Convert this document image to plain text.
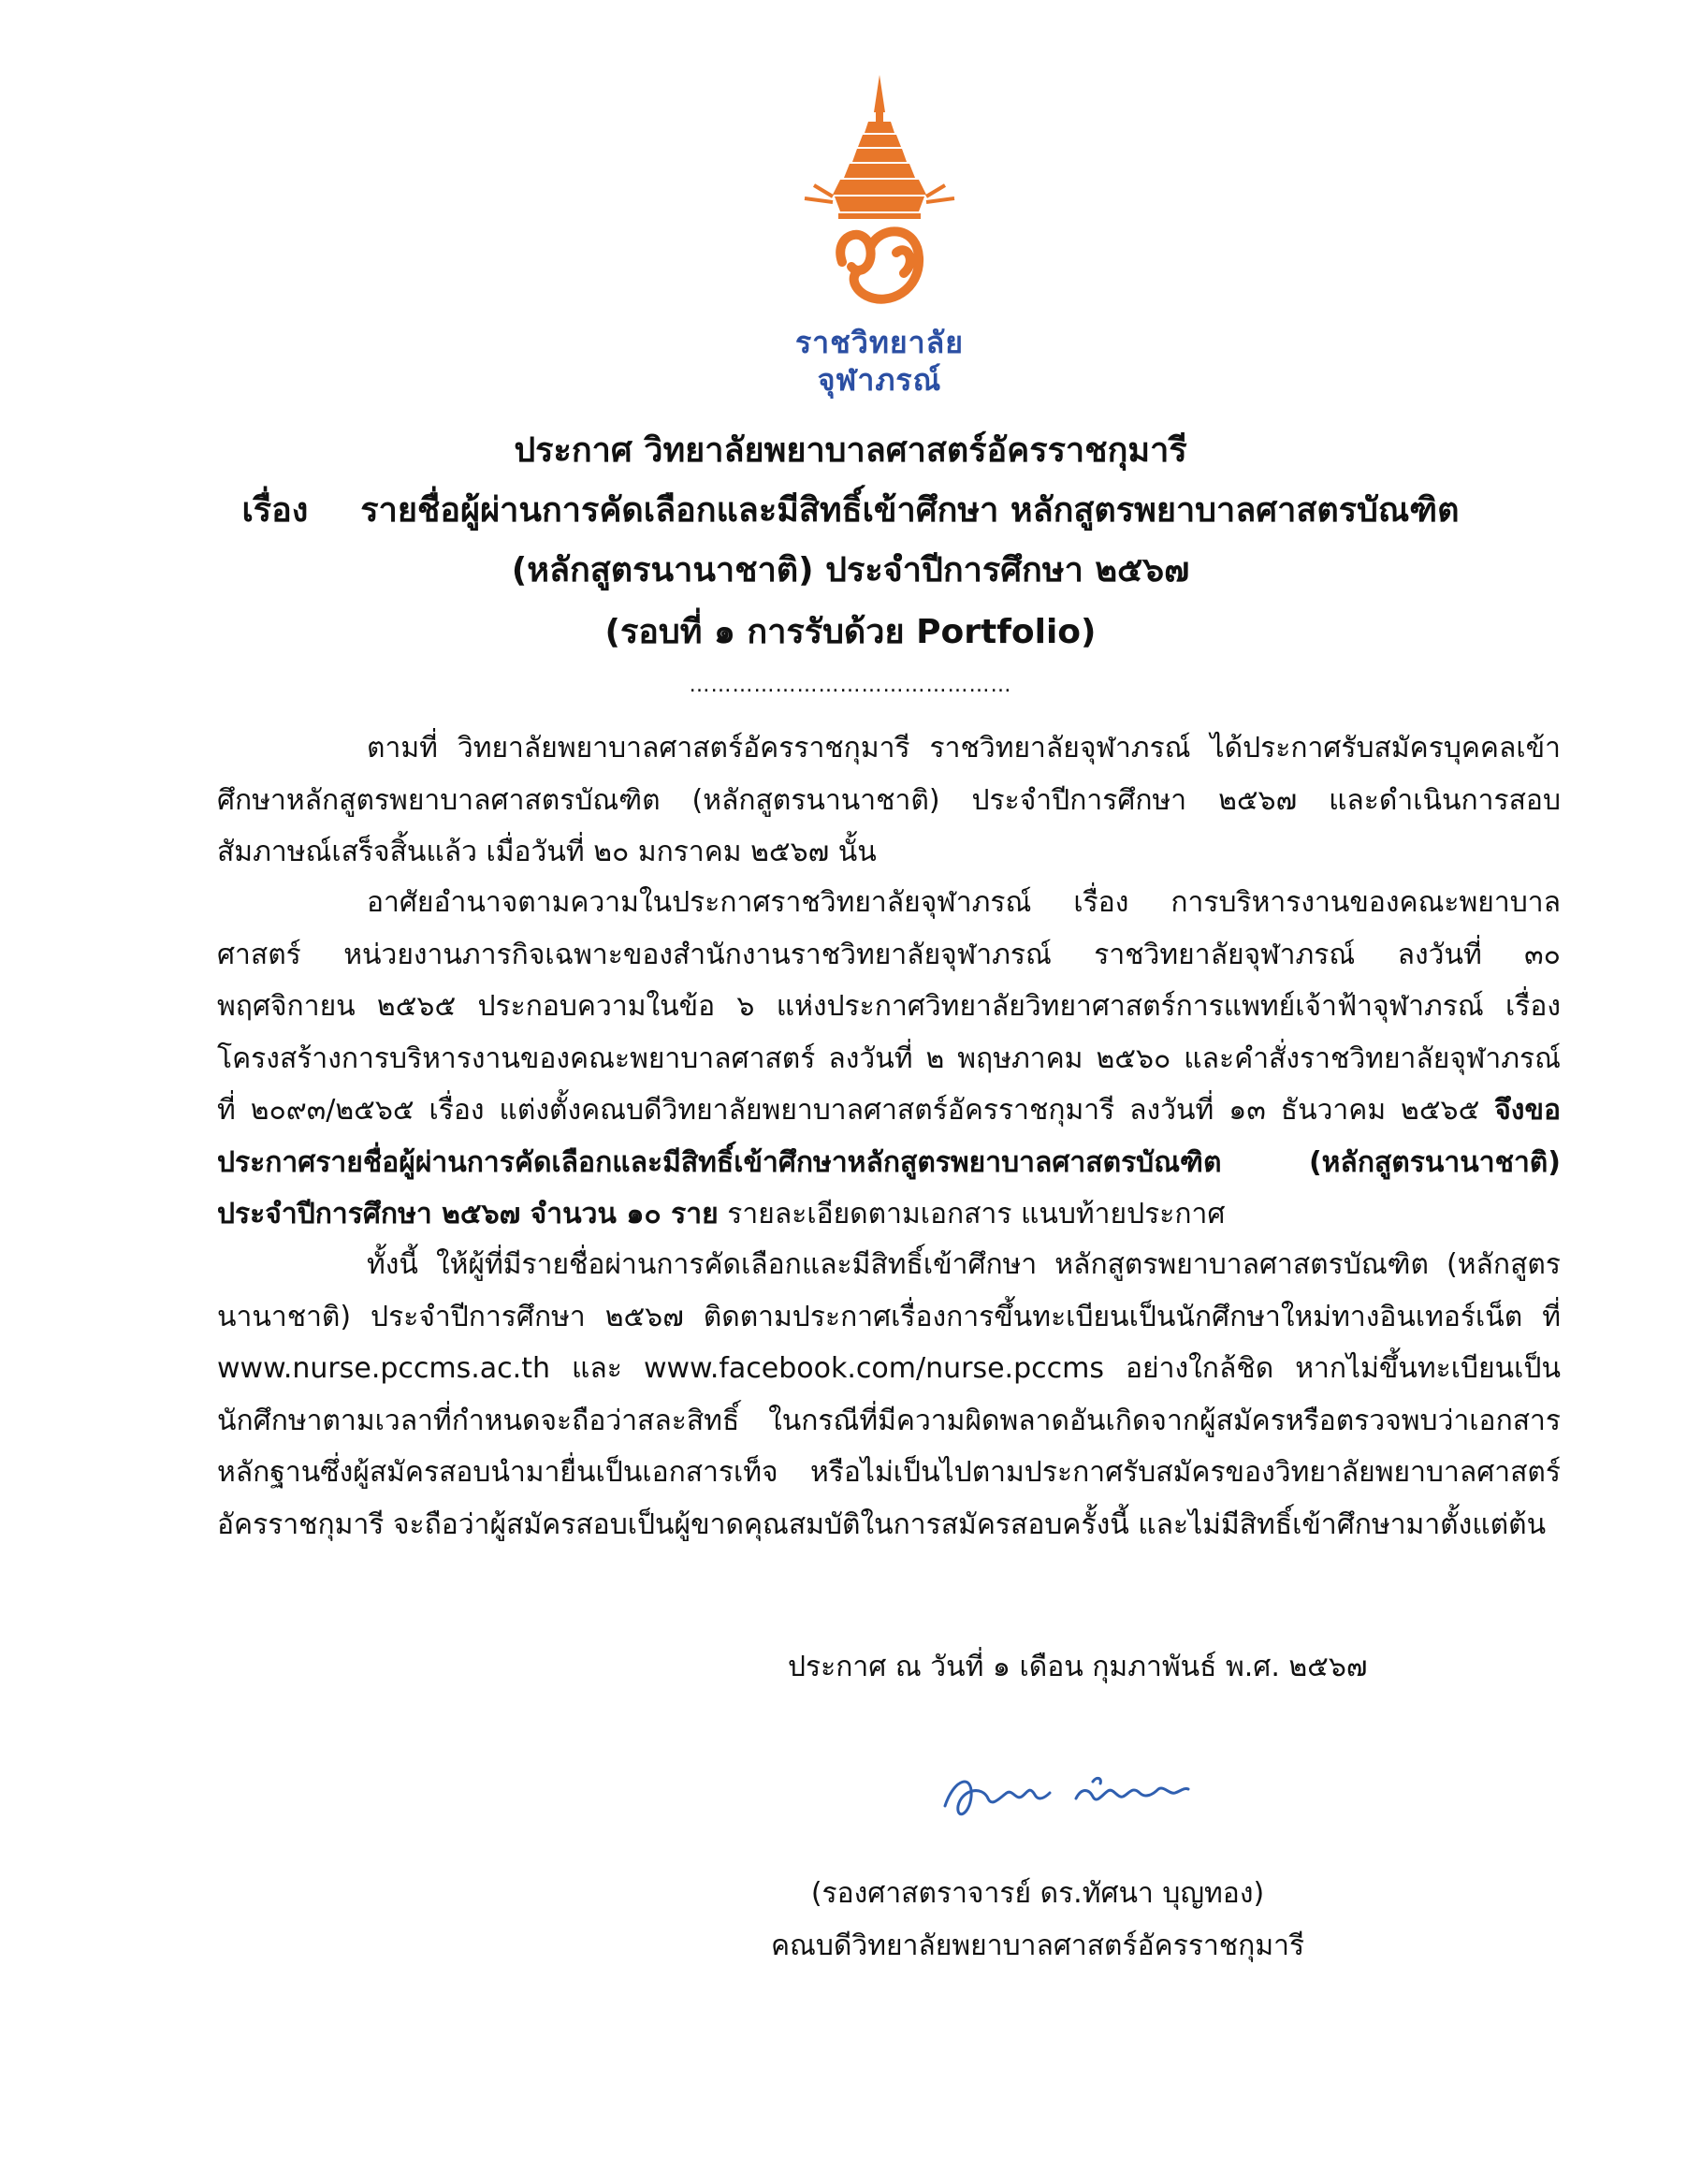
ราชวิทยาลัย
จุฬาภรณ์
ประกาศ วิทยาลัยพยาบาลศาสตร์อัครราชกุมารี
เรื่อง รายชื่อผู้ผ่านการคัดเลือกและมีสิทธิ์เข้าศึกษา หลักสูตรพยาบาลศาสตรบัณฑิต
(หลักสูตรนานาชาติ) ประจำปีการศึกษา ๒๕๖๗
(รอบที่ ๑ การรับด้วย Portfolio)
………………………………………

ตามที่ วิทยาลัยพยาบาลศาสตร์อัครราชกุมารี ราชวิทยาลัยจุฬาภรณ์ ได้ประกาศรับสมัครบุคคลเข้าศึกษาหลักสูตรพยาบาลศาสตรบัณฑิต (หลักสูตรนานาชาติ) ประจำปีการศึกษา ๒๕๖๗ และดำเนินการสอบสัมภาษณ์เสร็จสิ้นแล้ว เมื่อวันที่ ๒๐ มกราคม ๒๕๖๗ นั้น

อาศัยอำนาจตามความในประกาศราชวิทยาลัยจุฬาภรณ์ เรื่อง การบริหารงานของคณะพยาบาลศาสตร์ หน่วยงานภารกิจเฉพาะของสำนักงานราชวิทยาลัยจุฬาภรณ์ ราชวิทยาลัยจุฬาภรณ์ ลงวันที่ ๓๐ พฤศจิกายน ๒๕๖๕ ประกอบความในข้อ ๖ แห่งประกาศวิทยาลัยวิทยาศาสตร์การแพทย์เจ้าฟ้าจุฬาภรณ์ เรื่อง โครงสร้างการบริหารงานของคณะพยาบาลศาสตร์ ลงวันที่ ๒ พฤษภาคม ๒๕๖๐ และคำสั่งราชวิทยาลัยจุฬาภรณ์ ที่ ๒๐๙๓/๒๕๖๕ เรื่อง แต่งตั้งคณบดีวิทยาลัยพยาบาลศาสตร์อัครราชกุมารี ลงวันที่ ๑๓ ธันวาคม ๒๕๖๕ จึงขอประกาศรายชื่อผู้ผ่านการคัดเลือกและมีสิทธิ์เข้าศึกษาหลักสูตรพยาบาลศาสตรบัณฑิต (หลักสูตรนานาชาติ) ประจำปีการศึกษา ๒๕๖๗ จำนวน ๑๐ ราย รายละเอียดตามเอกสาร แนบท้ายประกาศ

ทั้งนี้ ให้ผู้ที่มีรายชื่อผ่านการคัดเลือกและมีสิทธิ์เข้าศึกษา หลักสูตรพยาบาลศาสตรบัณฑิต (หลักสูตรนานาชาติ) ประจำปีการศึกษา ๒๕๖๗ ติดตามประกาศเรื่องการขึ้นทะเบียนเป็นนักศึกษาใหม่ทางอินเทอร์เน็ต ที่ www.nurse.pccms.ac.th และ www.facebook.com/nurse.pccms อย่างใกล้ชิด หากไม่ขึ้นทะเบียนเป็นนักศึกษาตามเวลาที่กำหนดจะถือว่าสละสิทธิ์ ในกรณีที่มีความผิดพลาดอันเกิดจากผู้สมัครหรือตรวจพบว่าเอกสารหลักฐานซึ่งผู้สมัครสอบนำมายื่นเป็นเอกสารเท็จ หรือไม่เป็นไปตามประกาศรับสมัครของวิทยาลัยพยาบาลศาสตร์อัครราชกุมารี จะถือว่าผู้สมัครสอบเป็นผู้ขาดคุณสมบัติในการสมัครสอบครั้งนี้ และไม่มีสิทธิ์เข้าศึกษามาตั้งแต่ต้น

ประกาศ ณ วันที่ ๑ เดือน กุมภาพันธ์ พ.ศ. ๒๕๖๗
(รองศาสตราจารย์ ดร.ทัศนา บุญทอง)
คณบดีวิทยาลัยพยาบาลศาสตร์อัครราชกุมารี
